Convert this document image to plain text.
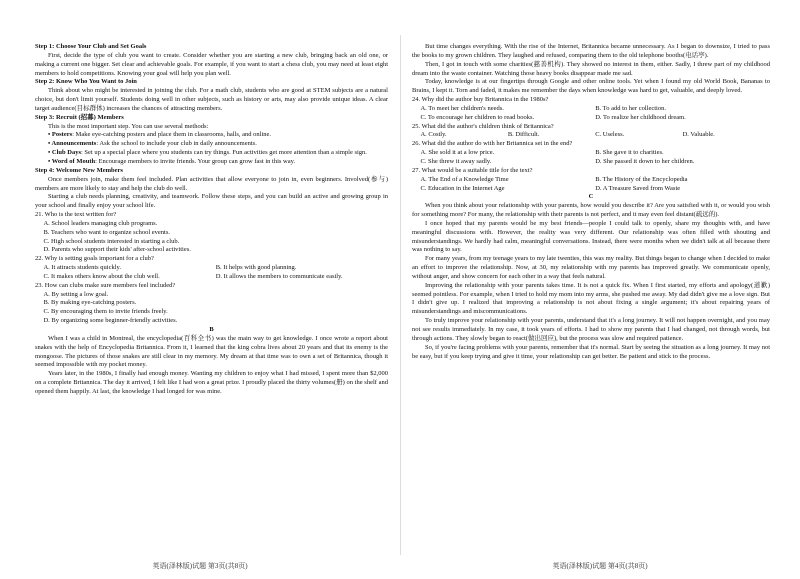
Step 1: Choose Your Club and Set Goals

First, decide the type of club you want to create. Consider whether you are starting a new club, bringing back an old one, or making a current one bigger. Set clear and achievable goals. For example, if you want to start a chess club, you may need at least eight members to hold competitions. Knowing your goal will help you plan well.

Step 2: Know Who You Want to Join

Think about who might be interested in joining the club. For a math club, students who are good at STEM subjects are a natural choice, but don't limit yourself. Students doing well in other subjects, such as history or arts, may also provide unique ideas. A clear target audience(目标群体) increases the chances of attracting members.

Step 3: Recruit (招募) Members

This is the most important step. You can use several methods:

• Posters: Make eye-catching posters and place them in classrooms, halls, and online.

• Announcements: Ask the school to include your club in daily announcements.

• Club Days: Set up a special place where you students can try things. Fun activities get more attention than a simple sign.

• Word of Mouth: Encourage members to invite friends. Your group can grow fast in this way.

Step 4: Welcome New Members

Once members join, make them feel included. Plan activities that allow everyone to join in, even beginners. Involved(参与) members are more likely to stay and help the club do well.

Starting a club needs planning, creativity, and teamwork. Follow these steps, and you can build an active and growing group in your school and finally enjoy your school life.

21. Who is the text written for?

A. School leaders managing club programs.

B. Teachers who want to organize school events.

C. High school students interested in starting a club.

D. Parents who support their kids' after-school activities.

22. Why is setting goals important for a club?

A. It attracts students quickly.	B. It helps with good planning.
C. It makes others know about the club well.	D. It allows the members to communicate easily.

23. How can clubs make sure members feel included?

A. By setting a low goal.

B. By making eye-catching posters.

C. By encouraging them to invite friends freely.

D. By organizing some beginner-friendly activities.

B

When I was a child in Montreal, the encyclopedia(百科全书) was the main way to get knowledge. I once wrote a report about snakes with the help of Encyclopedia Britannica. From it, I learned that the king cobra lives about 20 years and that its enemy is the mongoose. The pictures of those snakes are still clear in my memory. My dream at that time was to own a set of Britannica, though it seemed impossible with my pocket money.

Years later, in the 1980s, I finally had enough money. Wanting my children to enjoy what I had missed, I spent more than $2,000 on a complete Britannica. The day it arrived, I felt like I had won a great prize. I proudly placed the thirty volumes(册) on the shelf and opened them happily. At last, the knowledge I had longed for was mine.

But time changes everything. With the rise of the Internet, Britannica became unnecessary. As I began to downsize, I tried to pass the books to my grown children. They laughed and refused, comparing them to the old telephone booths(电话亭).

Then, I got in touch with some charities(慈善机构). They showed no interest in them, either. Sadly, I threw part of my childhood dream into the waste container. Watching those heavy books disappear made me sad.

Today, knowledge is at our fingertips through Google and other online tools. Yet when I found my old World Book, Bananas to Brains, I kept it. Torn and faded, it makes me remember the days when knowledge was hard to get, valuable, and deeply loved.

24. Why did the author buy Britannica in the 1980s?

A. To meet her children's needs.	B. To add to her collection.
C. To encourage her children to read books.	D. To realize her childhood dream.

25. What did the author's children think of Britannica?

A. Costly.	B. Difficult.	C. Useless.	D. Valuable.

26. What did the author do with her Britannica set in the end?

A. She sold it at a low price.	B. She gave it to charities.
C. She threw it away sadly.	D. She passed it down to her children.

27. What would be a suitable title for the text?

A. The End of a Knowledge Time	B. The History of the Encyclopedia
C. Education in the Internet Age	D. A Treasure Saved from Waste

C

When you think about your relationship with your parents, how would you describe it? Are you satisfied with it, or would you wish for something more? For many, the relationship with their parents is not perfect, and it may even feel distant(疏远的).

I once hoped that my parents would be my best friends—people I could talk to openly, share my thoughts with, and have meaningful discussions with. However, the reality was very different. Our relationship was often filled with shouting and misunderstandings. We hardly had calm, meaningful conversations. Instead, there were months when we didn't talk at all because there was nothing to say.

For many years, from my teenage years to my late twenties, this was my reality. But things began to change when I decided to make an effort to improve the relationship. Now, at 30, my relationship with my parents has improved greatly. We communicate openly, without anger, and show concern for each other in a way that feels natural.

Improving the relationship with your parents takes time. It is not a quick fix. When I first started, my efforts and apology(道歉) seemed pointless. For example, when I tried to hold my mom into my arms, she pushed me away. My dad didn't give me a love sign. But I didn't give up. I realized that improving a relationship is not about fixing a single argument; it's about repairing years of misunderstandings and miscommunications.

To truly improve your relationship with your parents, understand that it's a long journey. It will not happen overnight, and you may not see results immediately. In my case, it took years of efforts. I had to show my parents that I had changed, not through words, but through actions. They slowly began to react(做出回应), but the process was slow and required patience.

So, if you're facing problems with your parents, remember that it's normal. Start by seeing the situation as a long journey. It may not be easy, but if you keep trying and give it time, your relationship can get better. Be patient and stick to the process.

英语(泽林版)试题 第3页(共8页)	英语(泽林版)试题 第4页(共8页)
